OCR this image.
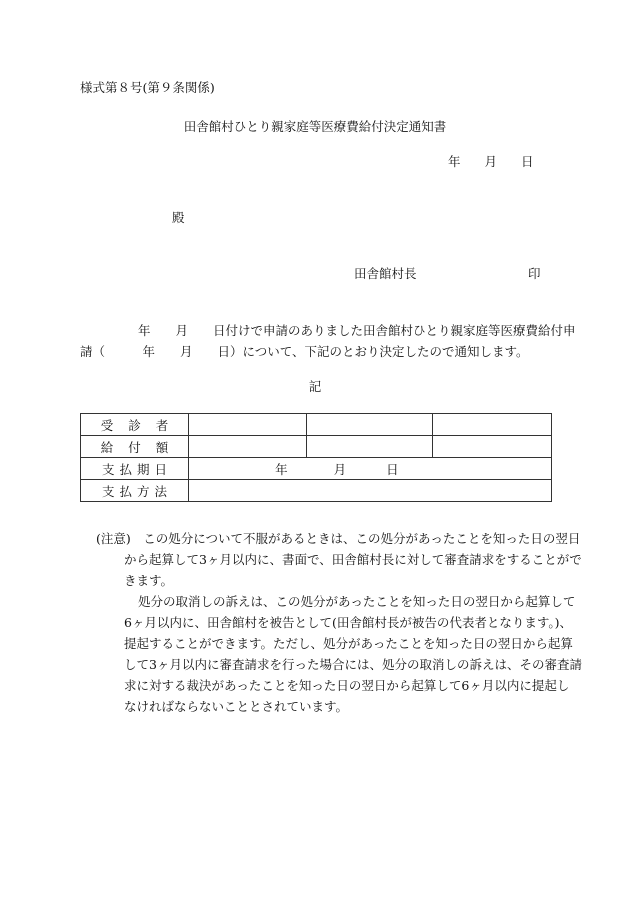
様式第８号(第９条関係)
田舎館村ひとり親家庭等医療費給付決定通知書
年 月 日
殿
田舎館村長	印
年　　月　　日付けで申請のありました田舎館村ひとり親家庭等医療費給付申
請（　　　年　　月　　日）について、下記のとおり決定したので通知します。
記
受診者			
給付額			
支払期日	年 月 日		
支払方法			
(注意)　この処分について不服があるときは、この処分があったことを知った日の翌日
から起算して3ヶ月以内に、書面で、田舎館村長に対して審査請求をすることがで
きます。
処分の取消しの訴えは、この処分があったことを知った日の翌日から起算して
6ヶ月以内に、田舎館村を被告として(田舎館村長が被告の代表者となります。)、
提起することができます。ただし、処分があったことを知った日の翌日から起算
して3ヶ月以内に審査請求を行った場合には、処分の取消しの訴えは、その審査請
求に対する裁決があったことを知った日の翌日から起算して6ヶ月以内に提起し
なければならないこととされています。
